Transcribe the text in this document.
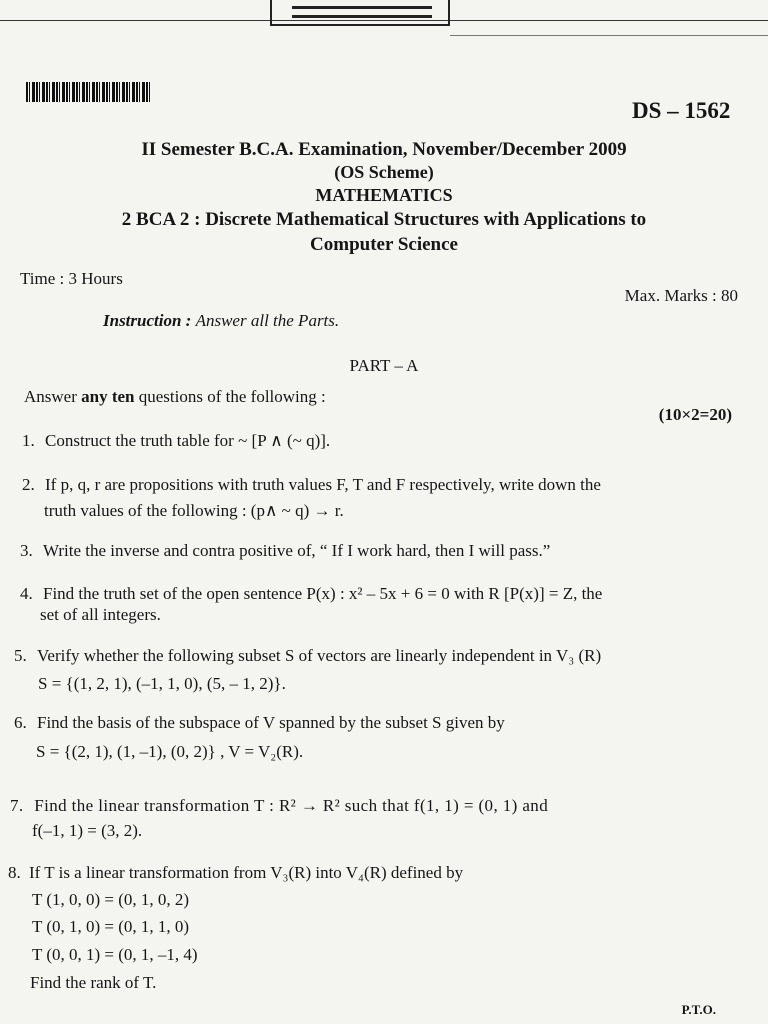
DS – 1562
II Semester B.C.A. Examination, November/December 2009
(OS Scheme)
MATHEMATICS
2 BCA 2 : Discrete Mathematical Structures with Applications to
Computer Science
Time : 3 Hours
Max. Marks : 80
Instruction : Answer all the Parts.
PART – A
Answer any ten questions of the following :
(10×2=20)
1. Construct the truth table for ~ [P ∧ (~ q)].
2. If p, q, r are propositions with truth values F, T and F respectively, write down the
truth values of the following : (p∧ ~ q) → r.
3. Write the inverse and contra positive of, “ If I work hard, then I will pass.”
4. Find the truth set of the open sentence P(x) : x² – 5x + 6 = 0 with R [P(x)] = Z, the
set of all integers.
5. Verify whether the following subset S of vectors are linearly independent in V₃ (R)
S = {(1, 2, 1), (–1, 1, 0), (5, – 1, 2)}.
6. Find the basis of the subspace of V spanned by the subset S given by
S = {(2, 1), (1, –1), (0, 2)} , V = V₂(R).
7. Find the linear transformation T : R² → R² such that f(1, 1) = (0, 1) and
f(–1, 1) = (3, 2).
8. If T is a linear transformation from V₃(R) into V₄(R) defined by
T (1, 0, 0) = (0, 1, 0, 2)
T (0, 1, 0) = (0, 1, 1, 0)
T (0, 0, 1) = (0, 1, –1, 4)
Find the rank of T.
P.T.O.
